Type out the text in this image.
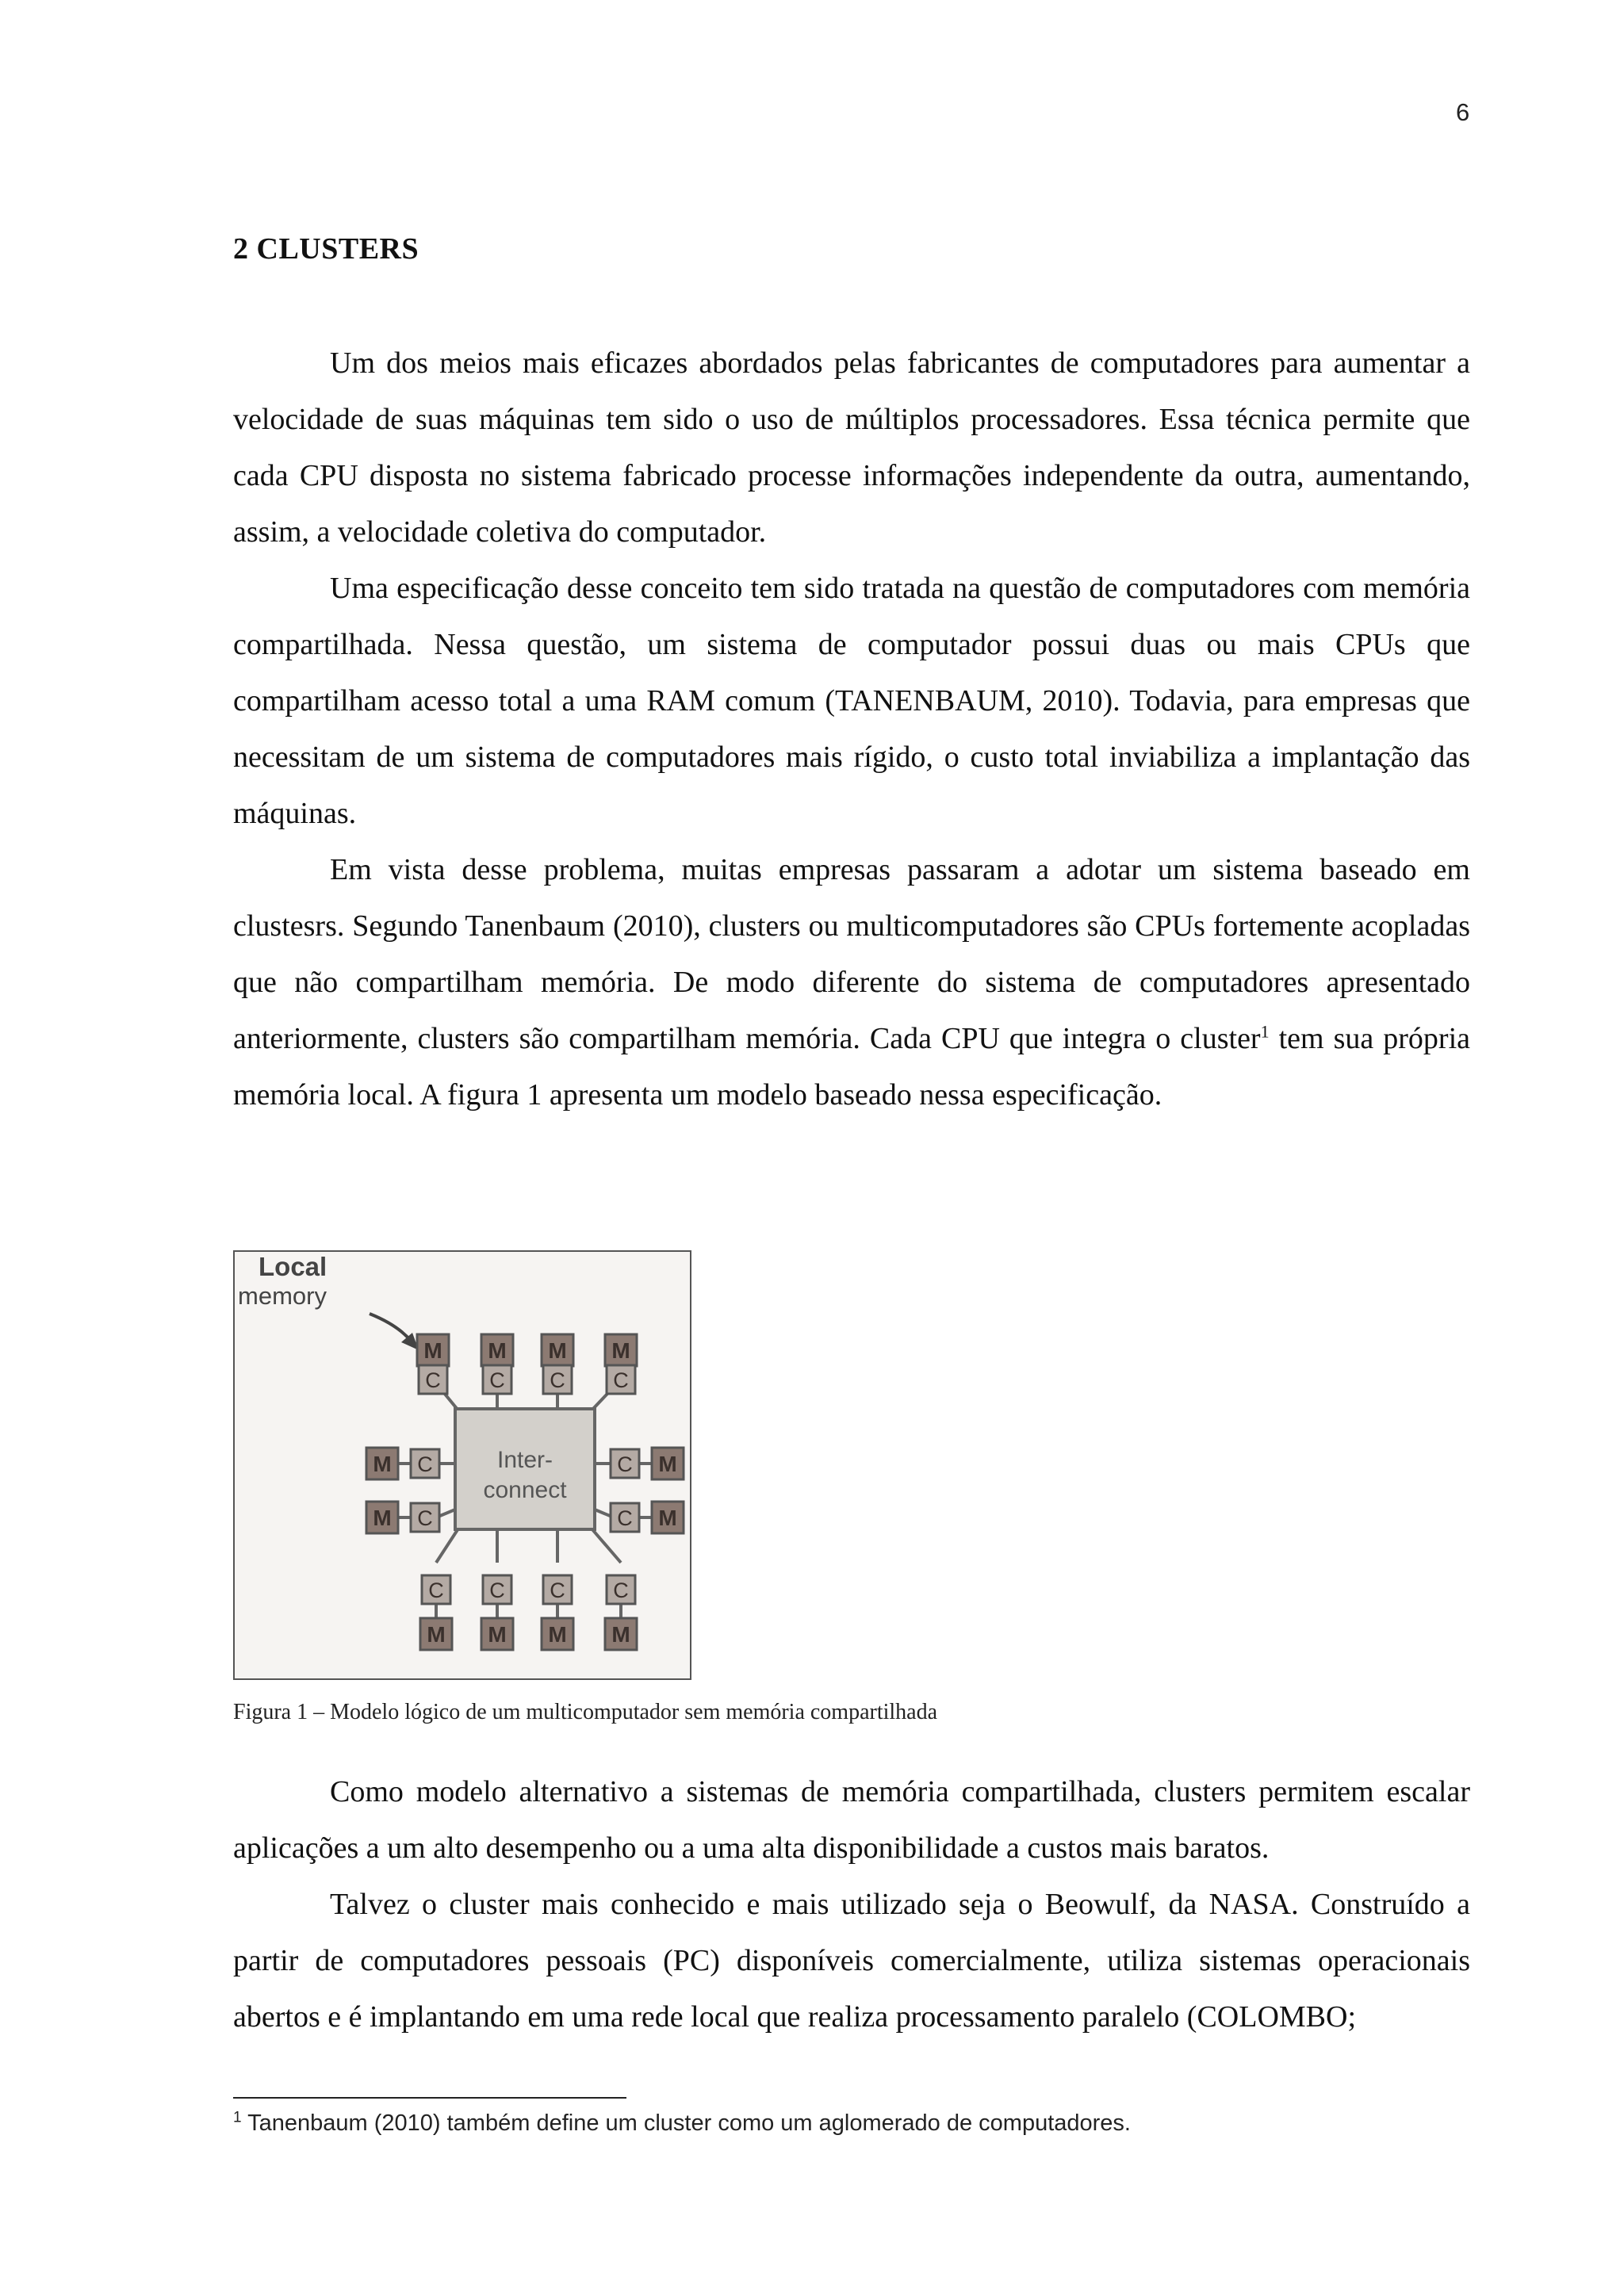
6
2 CLUSTERS

Um dos meios mais eficazes abordados pelas fabricantes de computadores para aumentar a velocidade de suas máquinas tem sido o uso de múltiplos processadores. Essa técnica permite que cada CPU disposta no sistema fabricado processe informações independente da outra, aumentando, assim, a velocidade coletiva do computador.

Uma especificação desse conceito tem sido tratada na questão de computadores com memória compartilhada. Nessa questão, um sistema de computador possui duas ou mais CPUs que compartilham acesso total a uma RAM comum (TANENBAUM, 2010). Todavia, para empresas que necessitam de um sistema de computadores mais rígido, o custo total inviabiliza a implantação das máquinas.

Em vista desse problema, muitas empresas passaram a adotar um sistema baseado em clustesrs. Segundo Tanenbaum (2010), clusters ou multicomputadores são CPUs fortemente acopladas que não compartilham memória. De modo diferente do sistema de computadores apresentado anteriormente, clusters são compartilham memória. Cada CPU que integra o cluster$^1$ tem sua própria memória local. A figura 1 apresenta um modelo baseado nessa especificação.

Local
memory
Inter-
connect
M M M M
M M M M
M
M
M
M
C C C C
C C C C
C
C
C
C
Figura 1 – Modelo lógico de um multicomputador sem memória compartilhada

Como modelo alternativo a sistemas de memória compartilhada, clusters permitem escalar aplicações a um alto desempenho ou a uma alta disponibilidade a custos mais baratos.

Talvez o cluster mais conhecido e mais utilizado seja o Beowulf, da NASA. Construído a partir de computadores pessoais (PC) disponíveis comercialmente, utiliza sistemas operacionais abertos e é implantando em uma rede local que realiza processamento paralelo (COLOMBO;

$^1$ Tanenbaum (2010) também define um cluster como um aglomerado de computadores.
